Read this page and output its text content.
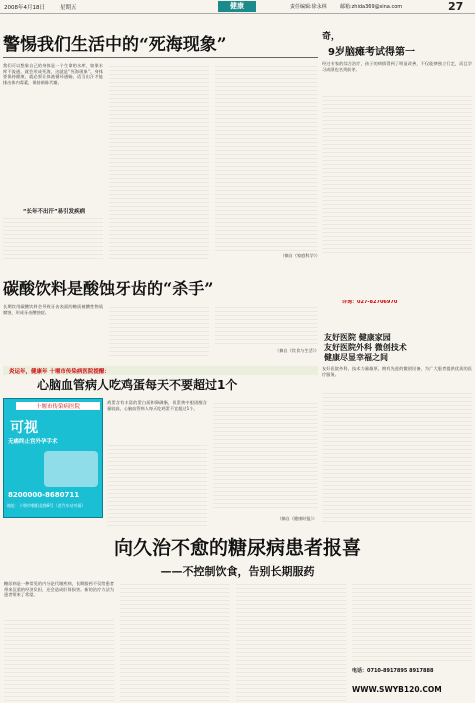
2008年4月18日	星期五	健康	责任编辑:徐永林	邮箱:zhida369@sina.com	27
警惕我们生活中的“死海现象”
我们可以想象自己的身体是一个生命的水库，如果水库不流通，就会形成死海，这就是“死海现象”。身体要保持健康，就必须让体液循环通畅，适当出汗才能排出体内毒素，保持新陈代谢。
“长年不出汗”易引发疾病
（摘自《家庭科学》）
奇，
9岁脑瘫考试得第一
经过专家的综合治疗，孩子的病情得到了明显改善，不仅能够独立行走，而且学习成绩也名列前茅。
详询：027-82706970
碳酸饮料是酸蚀牙齿的“杀手”
长期饮用碳酸饮料会导致牙齿表面的釉质被酸性物质腐蚀，形成牙齿酸蚀症。
（摘自《饮食与生活》）
友好医院 健康家园
友好医院外科 微创技术
健康尽显幸福之间
友好医院外科，技术力量雄厚，拥有先进的微创设备，为广大患者提供优质的医疗服务。
炎运年，健康年 十堰市传染病医院提醒：
心脑血管病人吃鸡蛋每天不要超过1个
十堰市传染病医院
可视
无痛终止宫外孕手术
8200000-8680711
地址：十堰市朝阳北路8号（老汽车站对面）
鸡蛋含有丰富的蛋白质和卵磷脂，但蛋黄中胆固醇含量较高，心脑血管病人每天吃鸡蛋不宜超过1个。
（摘自《健康时报》）
向久治不愈的糖尿病患者报喜
——不控制饮食，告别长期服药
糖尿病是一种常见的内分泌代谢疾病，长期服药不仅给患者带来沉重的经济负担，还会造成肝肾损害。新的治疗方法为患者带来了希望。
电话：0710-8917895 8917888
WWW.SWYB120.COM
